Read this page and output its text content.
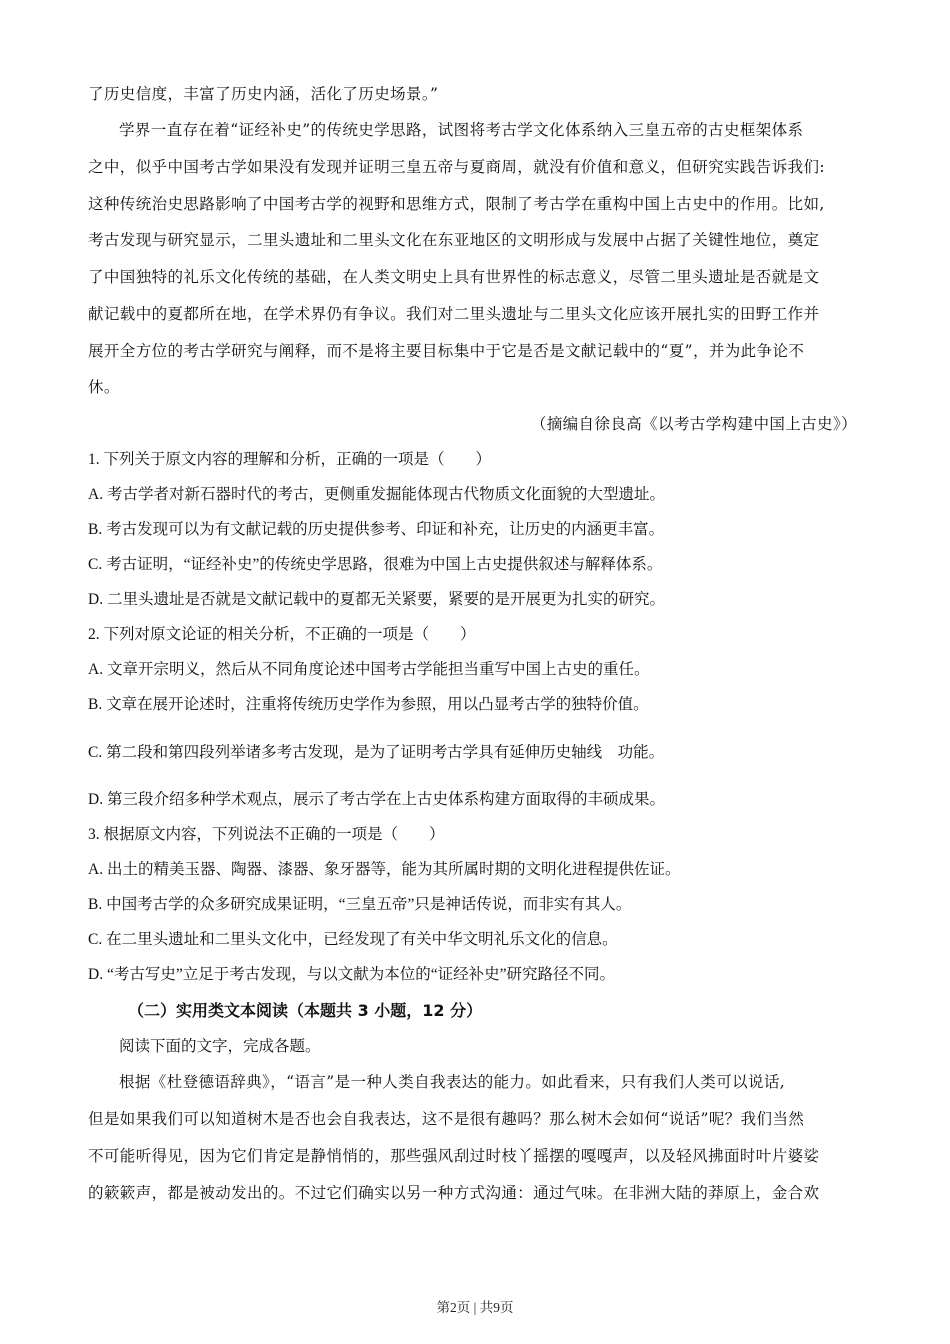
了历史信度，丰富了历史内涵，活化了历史场景。”
学界一直存在着“证经补史”的传统史学思路，试图将考古学文化体系纳入三皇五帝的古史框架体系
之中，似乎中国考古学如果没有发现并证明三皇五帝与夏商周，就没有价值和意义，但研究实践告诉我们:
这种传统治史思路影响了中国考古学的视野和思维方式，限制了考古学在重构中国上古史中的作用。比如,
考古发现与研究显示，二里头遗址和二里头文化在东亚地区的文明形成与发展中占据了关键性地位，奠定
了中国独特的礼乐文化传统的基础，在人类文明史上具有世界性的标志意义，尽管二里头遗址是否就是文
献记载中的夏都所在地，在学术界仍有争议。我们对二里头遗址与二里头文化应该开展扎实的田野工作并
展开全方位的考古学研究与阐释，而不是将主要目标集中于它是否是文献记载中的“夏”，并为此争论不
休。
（摘编自徐良高《以考古学构建中国上古史》）
1. 下列关于原文内容的理解和分析，正确的一项是（　　）
A. 考古学者对新石器时代的考古，更侧重发掘能体现古代物质文化面貌的大型遗址。
B. 考古发现可以为有文献记载的历史提供参考、印证和补充，让历史的内涵更丰富。
C. 考古证明，“证经补史”的传统史学思路，很难为中国上古史提供叙述与解释体系。
D. 二里头遗址是否就是文献记载中的夏都无关紧要，紧要的是开展更为扎实的研究。
2. 下列对原文论证的相关分析，不正确的一项是（　　）
A. 文章开宗明义，然后从不同角度论述中国考古学能担当重写中国上古史的重任。
B. 文章在展开论述时，注重将传统历史学作为参照，用以凸显考古学的独特价值。
C. 第二段和第四段列举诸多考古发现，是为了证明考古学具有延伸历史轴线　功能。
D. 第三段介绍多种学术观点，展示了考古学在上古史体系构建方面取得的丰硕成果。
3. 根据原文内容，下列说法不正确的一项是（　　）
A. 出土的精美玉器、陶器、漆器、象牙器等，能为其所属时期的文明化进程提供佐证。
B. 中国考古学的众多研究成果证明，“三皇五帝”只是神话传说，而非实有其人。
C. 在二里头遗址和二里头文化中，已经发现了有关中华文明礼乐文化的信息。
D. “考古写史”立足于考古发现，与以文献为本位的“证经补史”研究路径不同。
（二）实用类文本阅读（本题共 3 小题，12 分）
阅读下面的文字，完成各题。
根据《杜登德语辞典》，“语言”是一种人类自我表达的能力。如此看来，只有我们人类可以说话,
但是如果我们可以知道树木是否也会自我表达，这不是很有趣吗？那么树木会如何“说话”呢？我们当然
不可能听得见，因为它们肯定是静悄悄的，那些强风刮过时枝丫摇摆的嘎嘎声，以及轻风拂面时叶片婆娑
的簌簌声，都是被动发出的。不过它们确实以另一种方式沟通：通过气味。在非洲大陆的莽原上，金合欢
第2页 | 共9页
